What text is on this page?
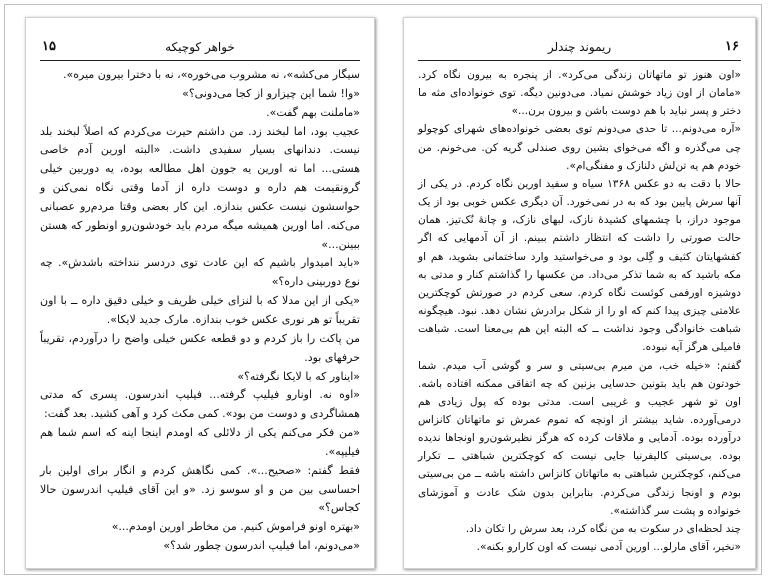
۱۵	خواهر کوچیکه

سیگار می‌کشه»، نه مشروب می‌خوره»، نه با دخترا بیرون میره».

«وا! شما این چیزارو از کجا می‌دونی؟»

«ماملنت بهم گفت».

عجیب بود، اما لبخند زد. من داشتم حیرت می‌کردم که اصلاً لبخند بلد نیست. دندانهای بسیار سفیدی داشت. «البته اورین آدم خاصی هستی... اما نه اورین یه جوون اهل مطالعه بوده، یه دوربین خیلی گرونقیمت هم داره و دوست داره از آدما وقتی نگاه نمی‌کنن و حواسشون نیست عکس بندازه. این کار بعضی وقتا مردم‌رو عصبانی می‌کنه. اما اورین همیشه میگه مردم باید خودشون‌رو اونطور که هستن ببینن...»

«باید امیدوار باشیم که این عادت توی دردسر ننداخته باشدش». چه نوع دوربینی داره؟»

«یکی از این مدلا که با لنزای خیلی ظریف و خیلی دقیق داره ــ با اون تقریباً تو هر نوری عکس خوب بندازه. مارک جدید لایکا».

من پاکت را باز کردم و دو قطعه عکس خیلی واضح را درآوردم، تقریباً حرفهای بود.

«ایناور که با لایکا نگرفته؟»

«اوه نه. اونارو فیلیپ گرفته... فیلیپ اندرسون. پسری که مدتی همشاگردی و دوست من بود». کمی مکث کرد و آهی کشید. بعد گفت:

«من فکر می‌کنم یکی از دلائلی که اومدم اینجا اینه که اسم شما هم فیلیپه».

فقط گفتم: «صحیح...». کمی نگاهش کردم و انگار برای اولین بار احساسی بین من و او سوسو زد. «و این آقای فیلیپ اندرسون حالا کجاس؟»

«بهتره اونو فراموش کنیم. من مخاطر اورین اومدم...»

«می‌دونم، اما فیلیپ اندرسون چطور شد؟»

۱۶
ریموند چندلر

«اون هنوز تو ماتهاتان زندگی می‌کرد». از پنجره به بیرون نگاه کرد. «مامان از اون زیاد خوشش نمیاد. می‌دونین دیگه. توی خونواده‌ای مثه ما دختر و پسر نباید با هم دوست باشن و بیرون برن...»

«آره می‌دونم... تا حدی می‌دونم توی بعضی خونواده‌های شهرای کوچولو چی می‌گذره و اگه می‌خوای بشین روی صندلی گریه کن. می‌خونم. من خودم هم یه تن‌لش دلنازک و مفنگی‌ام».

حالا با دقت به دو عکس ۱۳۶۸ سیاه و سفید اورین نگاه کردم. در یکی از آنها سرش پایین بود که به در نمی‌خورد. آن دیگری عکس خوبی بود از یک موجود دراز، با چشمهای کشیدهٔ نازک، لبهای نازک، و چانهٔ نُک‌تیز. همان حالت صورتی را داشت که انتظار داشتم ببینم. از آن آدمهایی که اگر کفشهایتان کثیف و گِلی بود و می‌خواستید وارد ساختمانی بشوید، هم او مکه باشید که به شما تذکر می‌داد. من عکسها را گذاشتم کنار و مدتی به دوشیزه اورفمی کوئست نگاه کردم. سعی کردم در صورتش کوچکترین علامتی چیزی پیدا کنم که او را از شکل برادرش نشان دهد. نبود. هیچگونه شباهت خانوادگی وجود نداشت ــ که البته این هم بی‌معنا است. شباهت فامیلی هرگز آیه نبوده.

گفتم: «خیله خب، من میرم بی‌سیتی و سر و گوشی آب میدم. شما خودتون هم باید بتونین حدسایی بزنین که چه اتفاقی ممکنه افتاده باشه. اون تو شهر عجیب و غریبی است. مدتی بوده که پول زیادی هم درمی‌آورده. شاید بیشتر از اونچه که تموم عمرش تو ماتهاتان کانزاس درآورده بوده. آدمایی و ملاقات کرده که هرگز نظیرشون‌رو اونجاها ندیده بوده. بی‌سیتی کالیفرنیا جایی نیست که کوچکترین شباهتی ــ تکرار می‌کنم، کوچکترین شباهتی به ماتهاتان کانزاس داشته باشه ــ من بی‌سیتی بودم و اونجا زندگی می‌کردم. بنابراین بدون شک عادت و آموزشای خونواده و پشت سر گذاشته».

چند لحظه‌ای در سکوت به من نگاه کرد، بعد سرش را تکان داد.

«نخیر، آقای مارلو... اورین آدمی نیست که اون کارارو بکنه».
